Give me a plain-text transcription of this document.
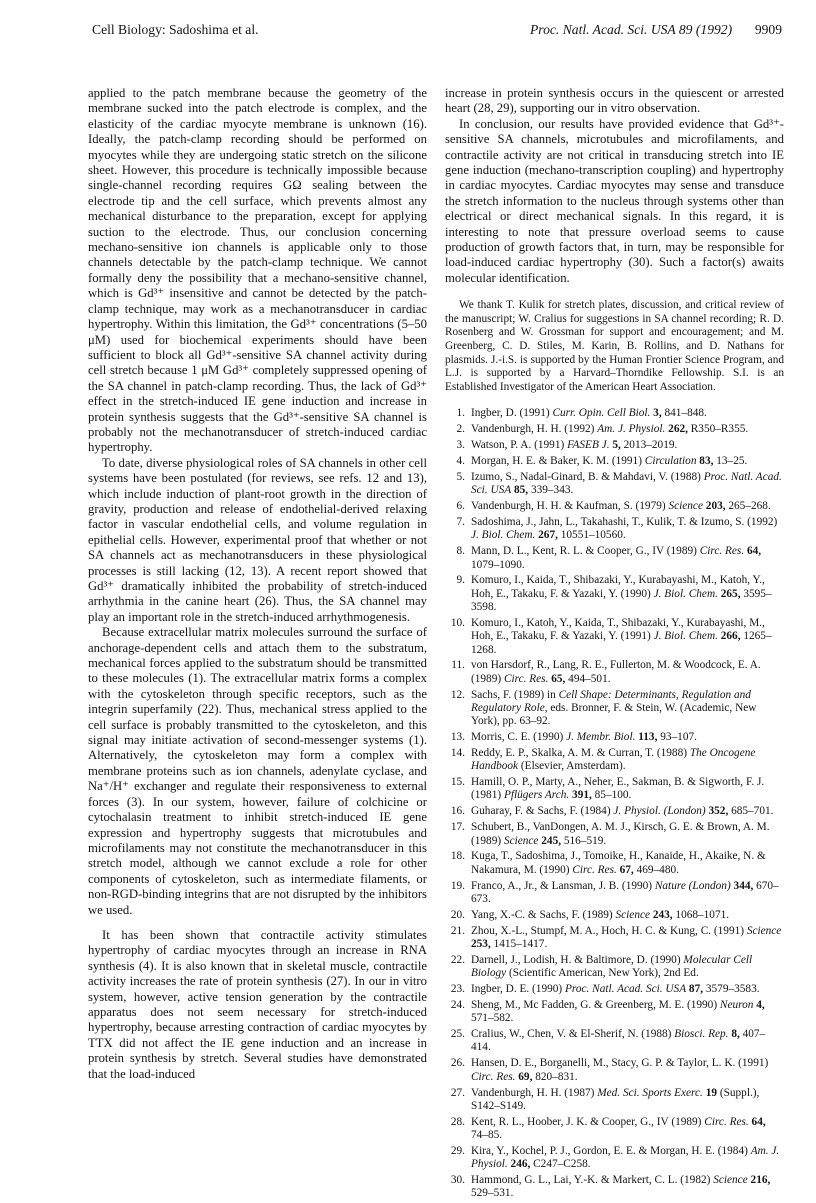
Cell Biology: Sadoshima et al.	Proc. Natl. Acad. Sci. USA 89 (1992) 9909

applied to the patch membrane because the geometry of the membrane sucked into the patch electrode is complex, and the elasticity of the cardiac myocyte membrane is unknown (16). Ideally, the patch-clamp recording should be performed on myocytes while they are undergoing static stretch on the silicone sheet. However, this procedure is technically impossible because single-channel recording requires GΩ sealing between the electrode tip and the cell surface, which prevents almost any mechanical disturbance to the preparation, except for applying suction to the electrode. Thus, our conclusion concerning mechano-sensitive ion channels is applicable only to those channels detectable by the patch-clamp technique. We cannot formally deny the possibility that a mechano-sensitive channel, which is Gd³⁺ insensitive and cannot be detected by the patch-clamp technique, may work as a mechanotransducer in cardiac hypertrophy. Within this limitation, the Gd³⁺ concentrations (5–50 μM) used for biochemical experiments should have been sufficient to block all Gd³⁺-sensitive SA channel activity during cell stretch because 1 μM Gd³⁺ completely suppressed opening of the SA channel in patch-clamp recording. Thus, the lack of Gd³⁺ effect in the stretch-induced IE gene induction and increase in protein synthesis suggests that the Gd³⁺-sensitive SA channel is probably not the mechanotransducer of stretch-induced cardiac hypertrophy.

To date, diverse physiological roles of SA channels in other cell systems have been postulated (for reviews, see refs. 12 and 13), which include induction of plant-root growth in the direction of gravity, production and release of endothelial-derived relaxing factor in vascular endothelial cells, and volume regulation in epithelial cells. However, experimental proof that whether or not SA channels act as mechanotransducers in these physiological processes is still lacking (12, 13). A recent report showed that Gd³⁺ dramatically inhibited the probability of stretch-induced arrhythmia in the canine heart (26). Thus, the SA channel may play an important role in the stretch-induced arrhythmogenesis.

Because extracellular matrix molecules surround the surface of anchorage-dependent cells and attach them to the substratum, mechanical forces applied to the substratum should be transmitted to these molecules (1). The extracellular matrix forms a complex with the cytoskeleton through specific receptors, such as the integrin superfamily (22). Thus, mechanical stress applied to the cell surface is probably transmitted to the cytoskeleton, and this signal may initiate activation of second-messenger systems (1). Alternatively, the cytoskeleton may form a complex with membrane proteins such as ion channels, adenylate cyclase, and Na⁺/H⁺ exchanger and regulate their responsiveness to external forces (3). In our system, however, failure of colchicine or cytochalasin treatment to inhibit stretch-induced IE gene expression and hypertrophy suggests that microtubules and microfilaments may not constitute the mechanotransducer in this stretch model, although we cannot exclude a role for other components of cytoskeleton, such as intermediate filaments, or non-RGD-binding integrins that are not disrupted by the inhibitors we used.

It has been shown that contractile activity stimulates hypertrophy of cardiac myocytes through an increase in RNA synthesis (4). It is also known that in skeletal muscle, contractile activity increases the rate of protein synthesis (27). In our in vitro system, however, active tension generation by the contractile apparatus does not seem necessary for stretch-induced hypertrophy, because arresting contraction of cardiac myocytes by TTX did not affect the IE gene induction and an increase in protein synthesis by stretch. Several studies have demonstrated that the load-induced

increase in protein synthesis occurs in the quiescent or arrested heart (28, 29), supporting our in vitro observation.

In conclusion, our results have provided evidence that Gd³⁺-sensitive SA channels, microtubules and microfilaments, and contractile activity are not critical in transducing stretch into IE gene induction (mechano-transcription coupling) and hypertrophy in cardiac myocytes. Cardiac myocytes may sense and transduce the stretch information to the nucleus through systems other than electrical or direct mechanical signals. In this regard, it is interesting to note that pressure overload seems to cause production of growth factors that, in turn, may be responsible for load-induced cardiac hypertrophy (30). Such a factor(s) awaits molecular identification.

We thank T. Kulik for stretch plates, discussion, and critical review of the manuscript; W. Cralius for suggestions in SA channel recording; R. D. Rosenberg and W. Grossman for support and encouragement; and M. Greenberg, C. D. Stiles, M. Karin, B. Rollins, and D. Nathans for plasmids. J.-i.S. is supported by the Human Frontier Science Program, and L.J. is supported by a Harvard–Thorndike Fellowship. S.I. is an Established Investigator of the American Heart Association.

1. Ingber, D. (1991) Curr. Opin. Cell Biol. 3, 841–848.
2. Vandenburgh, H. H. (1992) Am. J. Physiol. 262, R350–R355.
3. Watson, P. A. (1991) FASEB J. 5, 2013–2019.
4. Morgan, H. E. & Baker, K. M. (1991) Circulation 83, 13–25.
5. Izumo, S., Nadal-Ginard, B. & Mahdavi, V. (1988) Proc. Natl. Acad. Sci. USA 85, 339–343.
6. Vandenburgh, H. H. & Kaufman, S. (1979) Science 203, 265–268.
7. Sadoshima, J., Jahn, L., Takahashi, T., Kulik, T. & Izumo, S. (1992) J. Biol. Chem. 267, 10551–10560.
8. Mann, D. L., Kent, R. L. & Cooper, G., IV (1989) Circ. Res. 64, 1079–1090.
9. Komuro, I., Kaida, T., Shibazaki, Y., Kurabayashi, M., Katoh, Y., Hoh, E., Takaku, F. & Yazaki, Y. (1990) J. Biol. Chem. 265, 3595–3598.
10. Komuro, I., Katoh, Y., Kaida, T., Shibazaki, Y., Kurabayashi, M., Hoh, E., Takaku, F. & Yazaki, Y. (1991) J. Biol. Chem. 266, 1265–1268.
11. von Harsdorf, R., Lang, R. E., Fullerton, M. & Woodcock, E. A. (1989) Circ. Res. 65, 494–501.
12. Sachs, F. (1989) in Cell Shape: Determinants, Regulation and Regulatory Role, eds. Bronner, F. & Stein, W. (Academic, New York), pp. 63–92.
13. Morris, C. E. (1990) J. Membr. Biol. 113, 93–107.
14. Reddy, E. P., Skalka, A. M. & Curran, T. (1988) The Oncogene Handbook (Elsevier, Amsterdam).
15. Hamill, O. P., Marty, A., Neher, E., Sakman, B. & Sigworth, F. J. (1981) Pflügers Arch. 391, 85–100.
16. Guharay, F. & Sachs, F. (1984) J. Physiol. (London) 352, 685–701.
17. Schubert, B., VanDongen, A. M. J., Kirsch, G. E. & Brown, A. M. (1989) Science 245, 516–519.
18. Kuga, T., Sadoshima, J., Tomoike, H., Kanaide, H., Akaike, N. & Nakamura, M. (1990) Circ. Res. 67, 469–480.
19. Franco, A., Jr., & Lansman, J. B. (1990) Nature (London) 344, 670–673.
20. Yang, X.-C. & Sachs, F. (1989) Science 243, 1068–1071.
21. Zhou, X.-L., Stumpf, M. A., Hoch, H. C. & Kung, C. (1991) Science 253, 1415–1417.
22. Darnell, J., Lodish, H. & Baltimore, D. (1990) Molecular Cell Biology (Scientific American, New York), 2nd Ed.
23. Ingber, D. E. (1990) Proc. Natl. Acad. Sci. USA 87, 3579–3583.
24. Sheng, M., Mc Fadden, G. & Greenberg, M. E. (1990) Neuron 4, 571–582.
25. Cralius, W., Chen, V. & El-Sherif, N. (1988) Biosci. Rep. 8, 407–414.
26. Hansen, D. E., Borganelli, M., Stacy, G. P. & Taylor, L. K. (1991) Circ. Res. 69, 820–831.
27. Vandenburgh, H. H. (1987) Med. Sci. Sports Exerc. 19 (Suppl.), S142–S149.
28. Kent, R. L., Hoober, J. K. & Cooper, G., IV (1989) Circ. Res. 64, 74–85.
29. Kira, Y., Kochel, P. J., Gordon, E. E. & Morgan, H. E. (1984) Am. J. Physiol. 246, C247–C258.
30. Hammond, G. L., Lai, Y.-K. & Markert, C. L. (1982) Science 216, 529–531.
